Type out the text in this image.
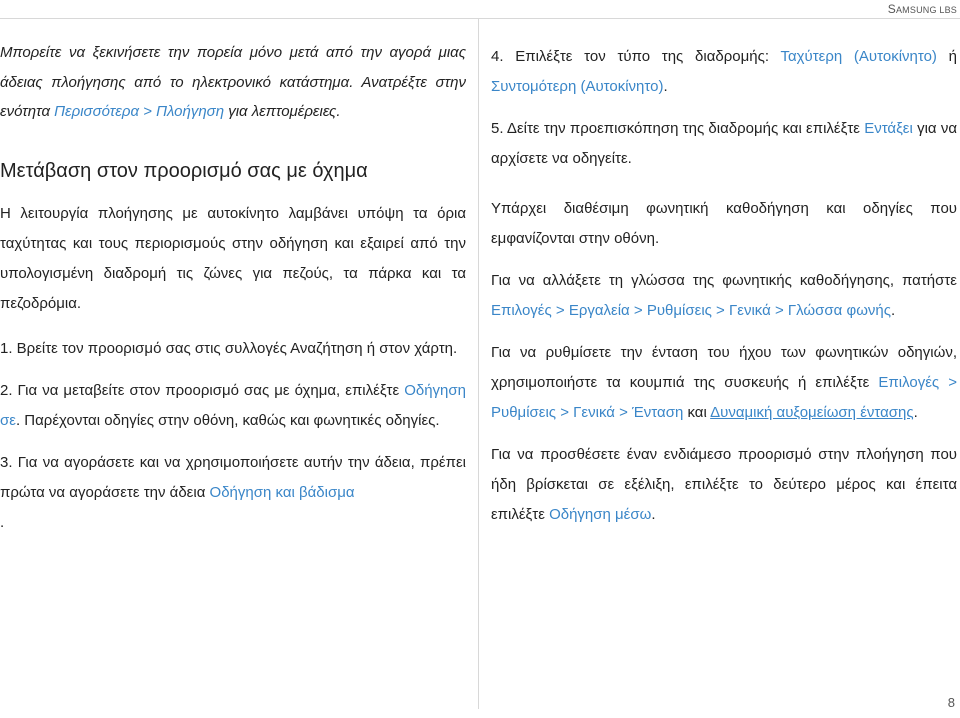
SAMSUNG LBS

Μπορείτε να ξεκινήσετε την πορεία μόνο μετά από την αγορά μιας άδειας πλοήγησης από το ηλεκτρονικό κατάστημα. Ανατρέξτε στην ενότητα Περισσότερα > Πλοήγηση για λεπτομέρειες.

Μετάβαση στον προορισμό σας με όχημα

Η λειτουργία πλοήγησης με αυτοκίνητο λαμβάνει υπόψη τα όρια ταχύτητας και τους περιορισμούς στην οδήγηση και εξαιρεί από την υπολογισμένη διαδρομή τις ζώνες για πεζούς, τα πάρκα και τα πεζοδρόμια.

1. Βρείτε τον προορισμό σας στις συλλογές Αναζήτηση ή στον χάρτη.

2. Για να μεταβείτε στον προορισμό σας με όχημα, επιλέξτε Οδήγηση σε. Παρέχονται οδηγίες στην οθόνη, καθώς και φωνητικές οδηγίες.

3. Για να αγοράσετε και να χρησιμοποιήσετε αυτήν την άδεια, πρέπει πρώτα να αγοράσετε την άδεια Οδήγηση και βάδισμα
.

4. Επιλέξτε τον τύπο της διαδρομής: Ταχύτερη (Αυτοκίνητο) ή Συντομότερη (Αυτοκίνητο).

5. Δείτε την προεπισκόπηση της διαδρομής και επιλέξτε Εντάξει για να αρχίσετε να οδηγείτε.

Υπάρχει διαθέσιμη φωνητική καθοδήγηση και οδηγίες που εμφανίζονται στην οθόνη.

Για να αλλάξετε τη γλώσσα της φωνητικής καθοδήγησης, πατήστε Επιλογές > Εργαλεία > Ρυθμίσεις > Γενικά > Γλώσσα φωνής.

Για να ρυθμίσετε την ένταση του ήχου των φωνητικών οδηγιών, χρησιμοποιήστε τα κουμπιά της συσκευής ή επιλέξτε Επιλογές > Ρυθμίσεις > Γενικά > Ένταση και Δυναμική αυξομείωση έντασης.

Για να προσθέσετε έναν ενδιάμεσο προορισμό στην πλοήγηση που ήδη βρίσκεται σε εξέλιξη, επιλέξτε το δεύτερο μέρος και έπειτα επιλέξτε Οδήγηση μέσω.

8
